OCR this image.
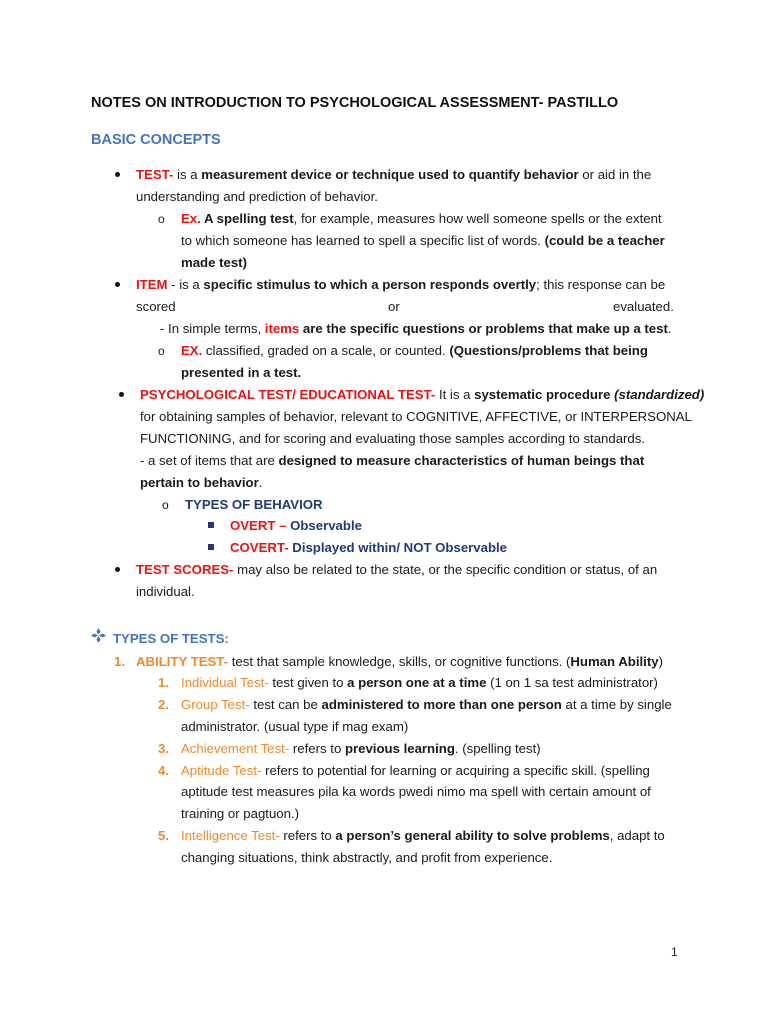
NOTES ON INTRODUCTION TO PSYCHOLOGICAL ASSESSMENT- PASTILLO
BASIC CONCEPTS
TEST- is a measurement device or technique used to quantify behavior or aid in the
understanding and prediction of behavior.
o Ex. A spelling test, for example, measures how well someone spells or the extent
to which someone has learned to spell a specific list of words. (could be a teacher
made test)
ITEM - is a specific stimulus to which a person responds overtly; this response can be
scored	or	evaluated.
- In simple terms, items are the specific questions or problems that make up a test.
o EX. classified, graded on a scale, or counted. (Questions/problems that being
presented in a test.
PSYCHOLOGICAL TEST/ EDUCATIONAL TEST- It is a systematic procedure (standardized)
for obtaining samples of behavior, relevant to COGNITIVE, AFFECTIVE, or INTERPERSONAL
FUNCTIONING, and for scoring and evaluating those samples according to standards.
- a set of items that are designed to measure characteristics of human beings that
pertain to behavior.
o TYPES OF BEHAVIOR
OVERT – Observable
COVERT- Displayed within/ NOT Observable
TEST SCORES- may also be related to the state, or the specific condition or status, of an
individual.
TYPES OF TESTS:
1. ABILITY TEST- test that sample knowledge, skills, or cognitive functions. (Human Ability)
1. Individual Test- test given to a person one at a time (1 on 1 sa test administrator)
2. Group Test- test can be administered to more than one person at a time by single
administrator. (usual type if mag exam)
3. Achievement Test- refers to previous learning. (spelling test)
4. Aptitude Test- refers to potential for learning or acquiring a specific skill. (spelling
aptitude test measures pila ka words pwedi nimo ma spell with certain amount of
training or pagtuon.)
5. Intelligence Test- refers to a person’s general ability to solve problems, adapt to
changing situations, think abstractly, and profit from experience.
1
